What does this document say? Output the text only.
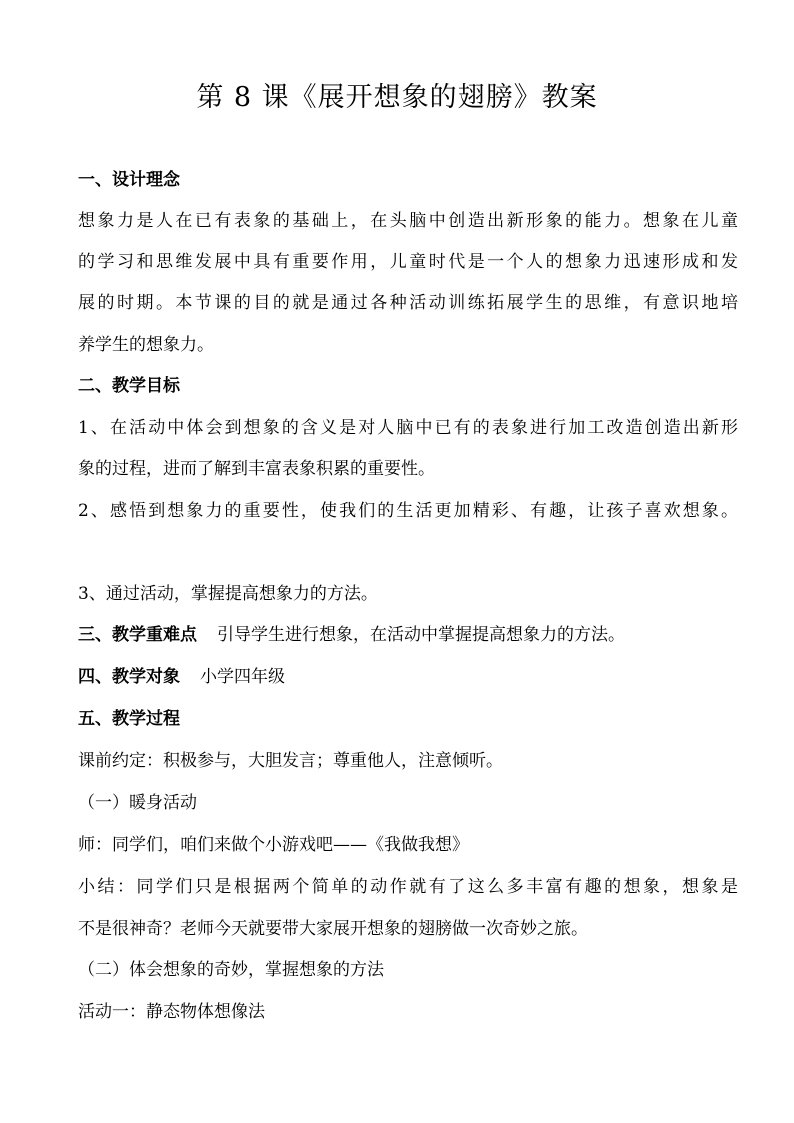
第 8 课《展开想象的翅膀》教案
一、设计理念
想象力是人在已有表象的基础上，在头脑中创造出新形象的能力。想象在儿童
的学习和思维发展中具有重要作用，儿童时代是一个人的想象力迅速形成和发
展的时期。本节课的目的就是通过各种活动训练拓展学生的思维，有意识地培
养学生的想象力。
二、教学目标
1、在活动中体会到想象的含义是对人脑中已有的表象进行加工改造创造出新形
象的过程，进而了解到丰富表象积累的重要性。
2、感悟到想象力的重要性，使我们的生活更加精彩、有趣，让孩子喜欢想象。
3、通过活动，掌握提高想象力的方法。
三、教学重难点 引导学生进行想象，在活动中掌握提高想象力的方法。
四、教学对象 小学四年级
五、教学过程
课前约定：积极参与，大胆发言；尊重他人，注意倾听。
（一）暖身活动
师：同学们，咱们来做个小游戏吧——《我做我想》
小结：同学们只是根据两个简单的动作就有了这么多丰富有趣的想象，想象是
不是很神奇？老师今天就要带大家展开想象的翅膀做一次奇妙之旅。
（二）体会想象的奇妙，掌握想象的方法
活动一：静态物体想像法
